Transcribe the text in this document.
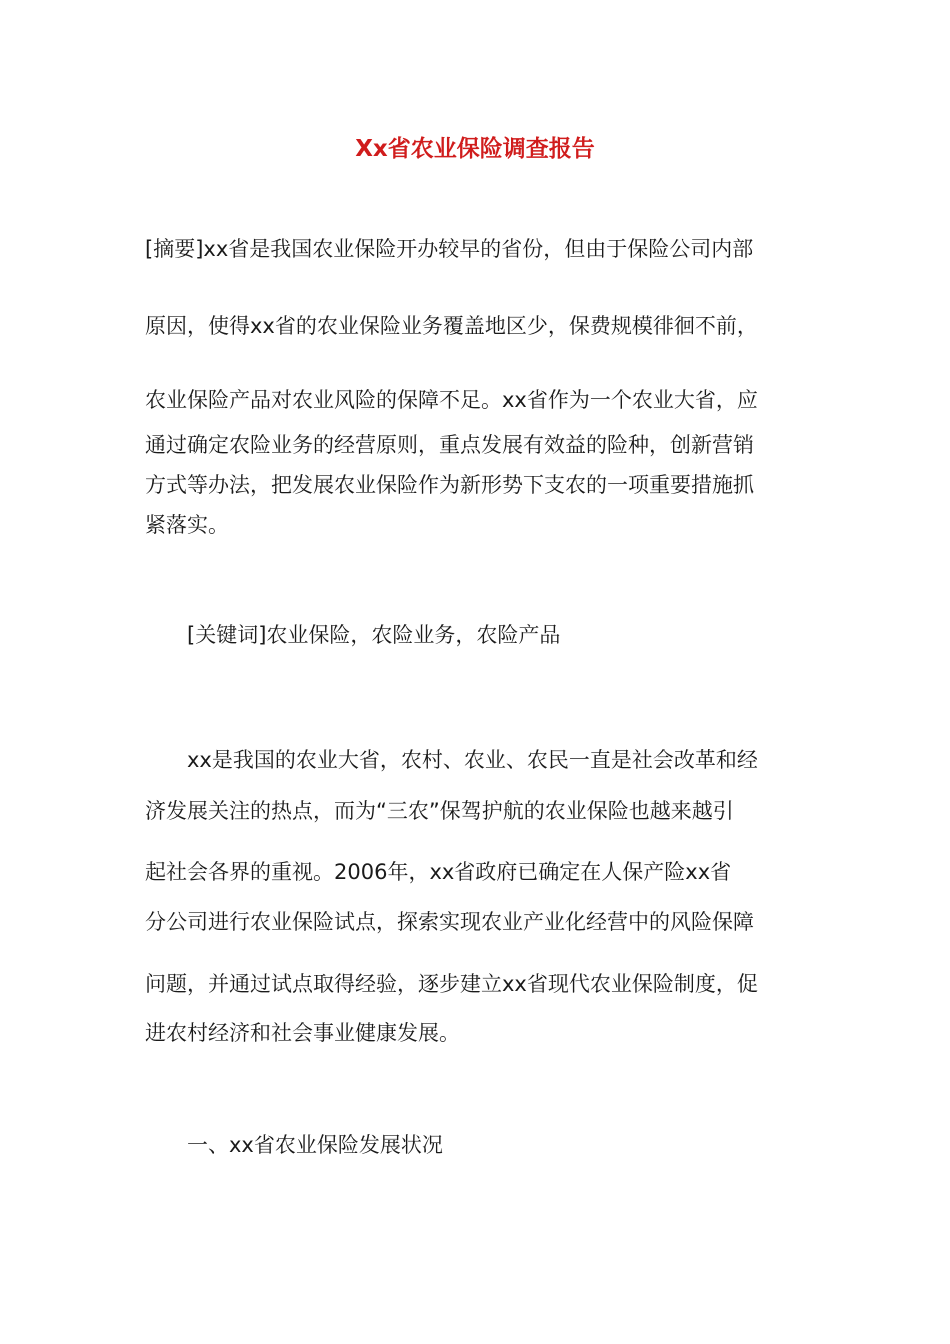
Xx省农业保险调查报告
[摘要]xx省是我国农业保险开办较早的省份，但由于保险公司内部
原因，使得xx省的农业保险业务覆盖地区少，保费规模徘徊不前，
农业保险产品对农业风险的保障不足。xx省作为一个农业大省，应
通过确定农险业务的经营原则，重点发展有效益的险种，创新营销
方式等办法，把发展农业保险作为新形势下支农的一项重要措施抓
紧落实。
[关键词]农业保险，农险业务，农险产品
xx是我国的农业大省，农村、农业、农民一直是社会改革和经
济发展关注的热点，而为“三农”保驾护航的农业保险也越来越引
起社会各界的重视。2006年，xx省政府已确定在人保产险xx省
分公司进行农业保险试点，探索实现农业产业化经营中的风险保障
问题，并通过试点取得经验，逐步建立xx省现代农业保险制度，促
进农村经济和社会事业健康发展。
一、xx省农业保险发展状况
